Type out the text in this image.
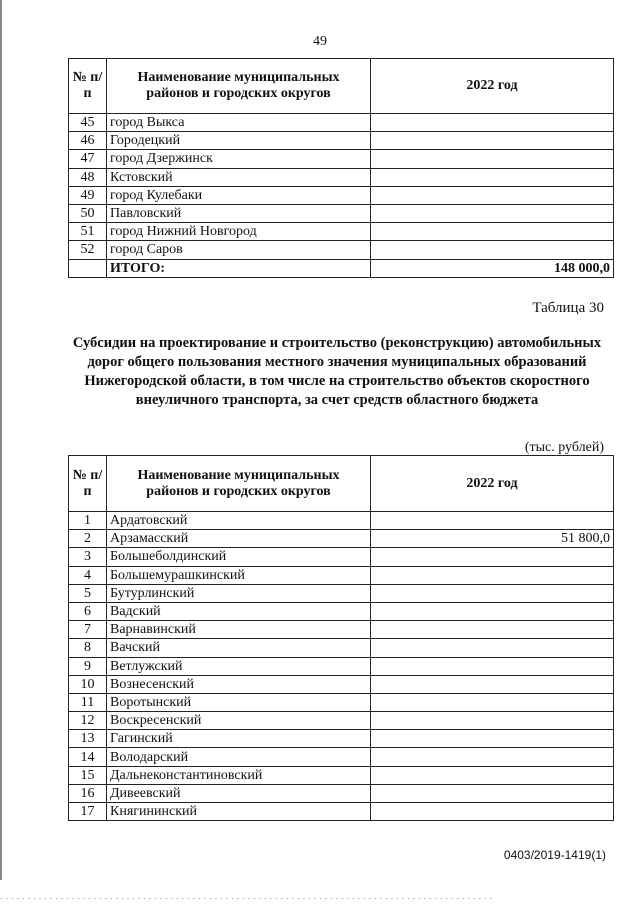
49
№ п/п	Наименование муниципальных районов и городских округов	2022 год
45	город Выкса	
46	Городецкий	
47	город Дзержинск	
48	Кстовский	
49	город Кулебаки	
50	Павловский	
51	город Нижний Новгород	
52	город Саров	
	ИТОГО:	148 000,0
Таблица 30
Субсидии на проектирование и строительство (реконструкцию) автомобильных дорог общего пользования местного значения муниципальных образований Нижегородской области, в том числе на строительство объектов скоростного внеуличного транспорта, за счет средств областного бюджета
(тыс. рублей)
№ п/п	Наименование муниципальных районов и городских округов	2022 год
1	Ардатовский	
2	Арзамасский	51 800,0
3	Большеболдинский	
4	Большемурашкинский	
5	Бутурлинский	
6	Вадский	
7	Варнавинский	
8	Вачский	
9	Ветлужский	
10	Вознесенский	
11	Воротынский	
12	Воскресенский	
13	Гагинский	
14	Володарский	
15	Дальнеконстантиновский	
16	Дивеевский	
17	Княгининский	
0403/2019-1419(1)
· · · · · · · · · · · · · · · · · · · · · · · · · · · · · · · · · · · · · · · · · · · · · · · · · · · · · · · · · · · · · · · · · · · · · · · · · · · · · · · · · · · · · · · · · ·
